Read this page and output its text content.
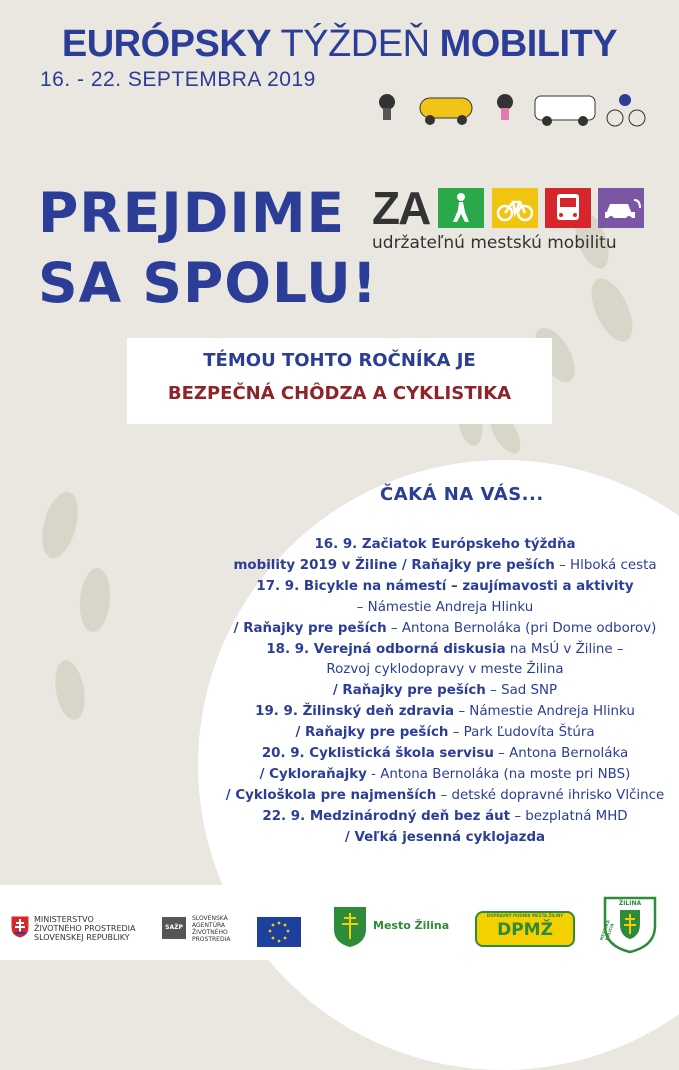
EURÓPSKY TÝŽDEŇ MOBILITY
16. - 22. SEPTEMBRA 2019
PREJDIME
SA SPOLU!
ZA
udržateľnú mestskú mobilitu
TÉMOU TOHTO ROČNÍKA JE
BEZPEČNÁ CHÔDZA A CYKLISTIKA
ČAKÁ NA VÁS...
16. 9. Začiatok Európskeho týždňa
mobility 2019 v Žiline / Raňajky pre peších – Hlboká cesta
17. 9. Bicykle na námestí – zaujímavosti a aktivity
– Námestie Andreja Hlinku
/ Raňajky pre peších – Antona Bernoláka (pri Dome odborov)
18. 9. Verejná odborná diskusia na MsÚ v Žiline –
Rozvoj cyklodopravy v meste Žilina
/ Raňajky pre peších – Sad SNP
19. 9. Žilinský deň zdravia – Námestie Andreja Hlinku
/ Raňajky pre peších – Park Ľudovíta Štúra
20. 9. Cyklistická škola servisu – Antona Bernoláka
/ Cykloraňajky - Antona Bernoláka (na moste pri NBS)
/ Cykloškola pre najmenších – detské dopravné ihrisko Vlčince
22. 9. Medzinárodný deň bez áut – bezplatná MHD
/ Veľká jesenná cyklojazda
MINISTERSTVO
ŽIVOTNÉHO PROSTREDIA
SLOVENSKEJ REPUBLIKY
SAŽP
SLOVENSKÁ
AGENTÚRA
ŽIVOTNÉHO
PROSTREDIA
Mesto Žilina
DOPRAVNÝ PODNIK MESTA ŽILINY
DPMŽ
ŽILINA
MESTSKÁ POLÍCIA
